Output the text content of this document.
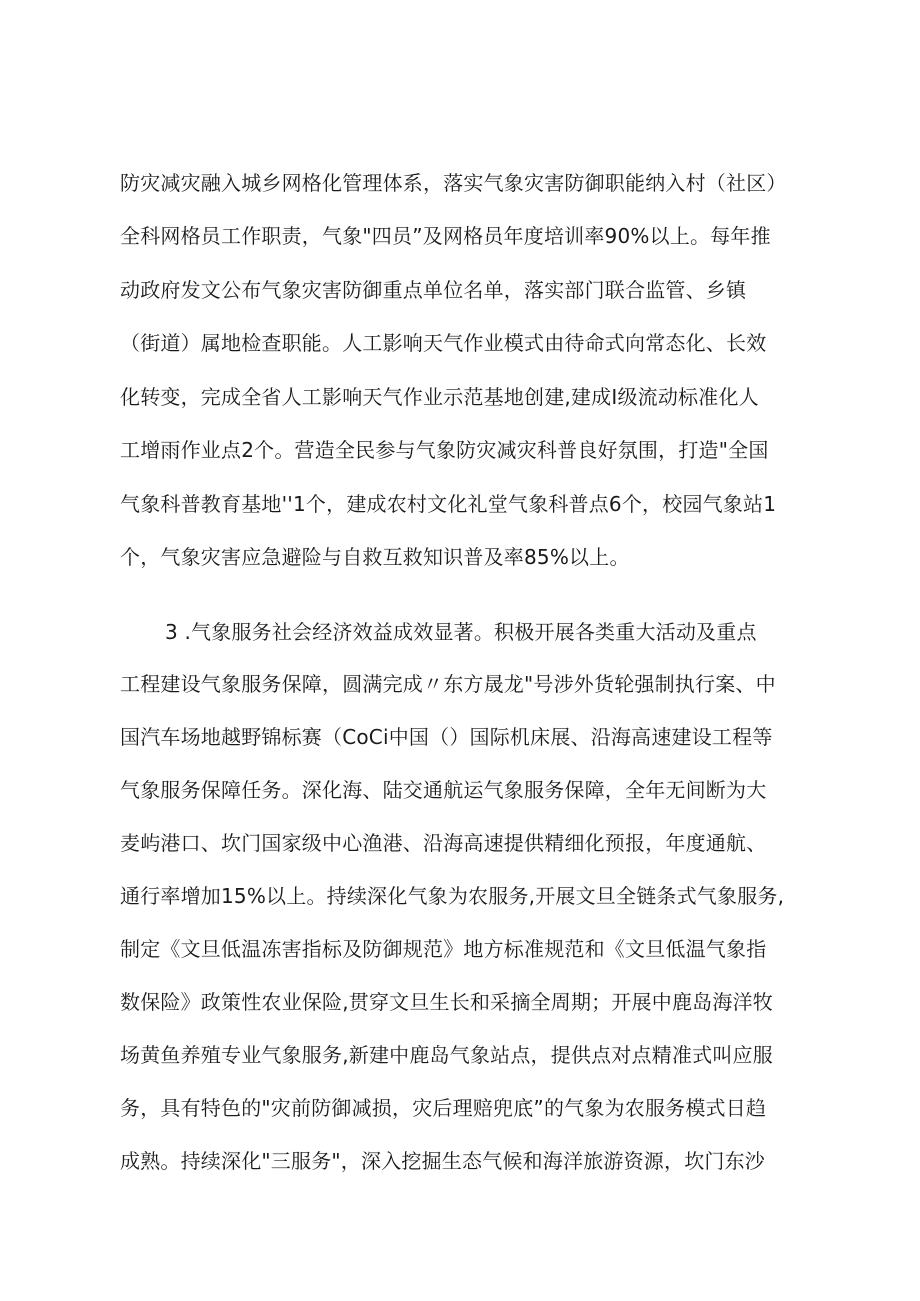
防灾减灾融入城乡网格化管理体系，落实气象灾害防御职能纳入村（社区）
全科网格员工作职责，气象"四员”及网格员年度培训率90%以上。每年推
动政府发文公布气象灾害防御重点单位名单，落实部门联合监管、乡镇
（街道）属地检查职能。人工影响天气作业模式由待命式向常态化、长效
化转变，完成全省人工影响天气作业示范基地创建,建成I级流动标准化人
工增雨作业点2个。营造全民参与气象防灾减灾科普良好氛围，打造"全国
气象科普教育基地''1个，建成农村文化礼堂气象科普点6个，校园气象站1
个，气象灾害应急避险与自救互救知识普及率85%以上。
3 .气象服务社会经济效益成效显著。积极开展各类重大活动及重点
工程建设气象服务保障，圆满完成〃东方晟龙"号涉外货轮强制执行案、中
国汽车场地越野锦标赛（CoCi中国（）国际机床展、沿海高速建设工程等
气象服务保障任务。深化海、陆交通航运气象服务保障，全年无间断为大
麦屿港口、坎门国家级中心渔港、沿海高速提供精细化预报，年度通航、
通行率增加15%以上。持续深化气象为农服务,开展文旦全链条式气象服务,
制定《文旦低温冻害指标及防御规范》地方标准规范和《文旦低温气象指
数保险》政策性农业保险,贯穿文旦生长和采摘全周期；开展中鹿岛海洋牧
场黄鱼养殖专业气象服务,新建中鹿岛气象站点，提供点对点精准式叫应服
务，具有特色的"灾前防御减损，灾后理赔兜底”的气象为农服务模式日趋
成熟。持续深化"三服务"，深入挖掘生态气候和海洋旅游资源，坎门东沙
